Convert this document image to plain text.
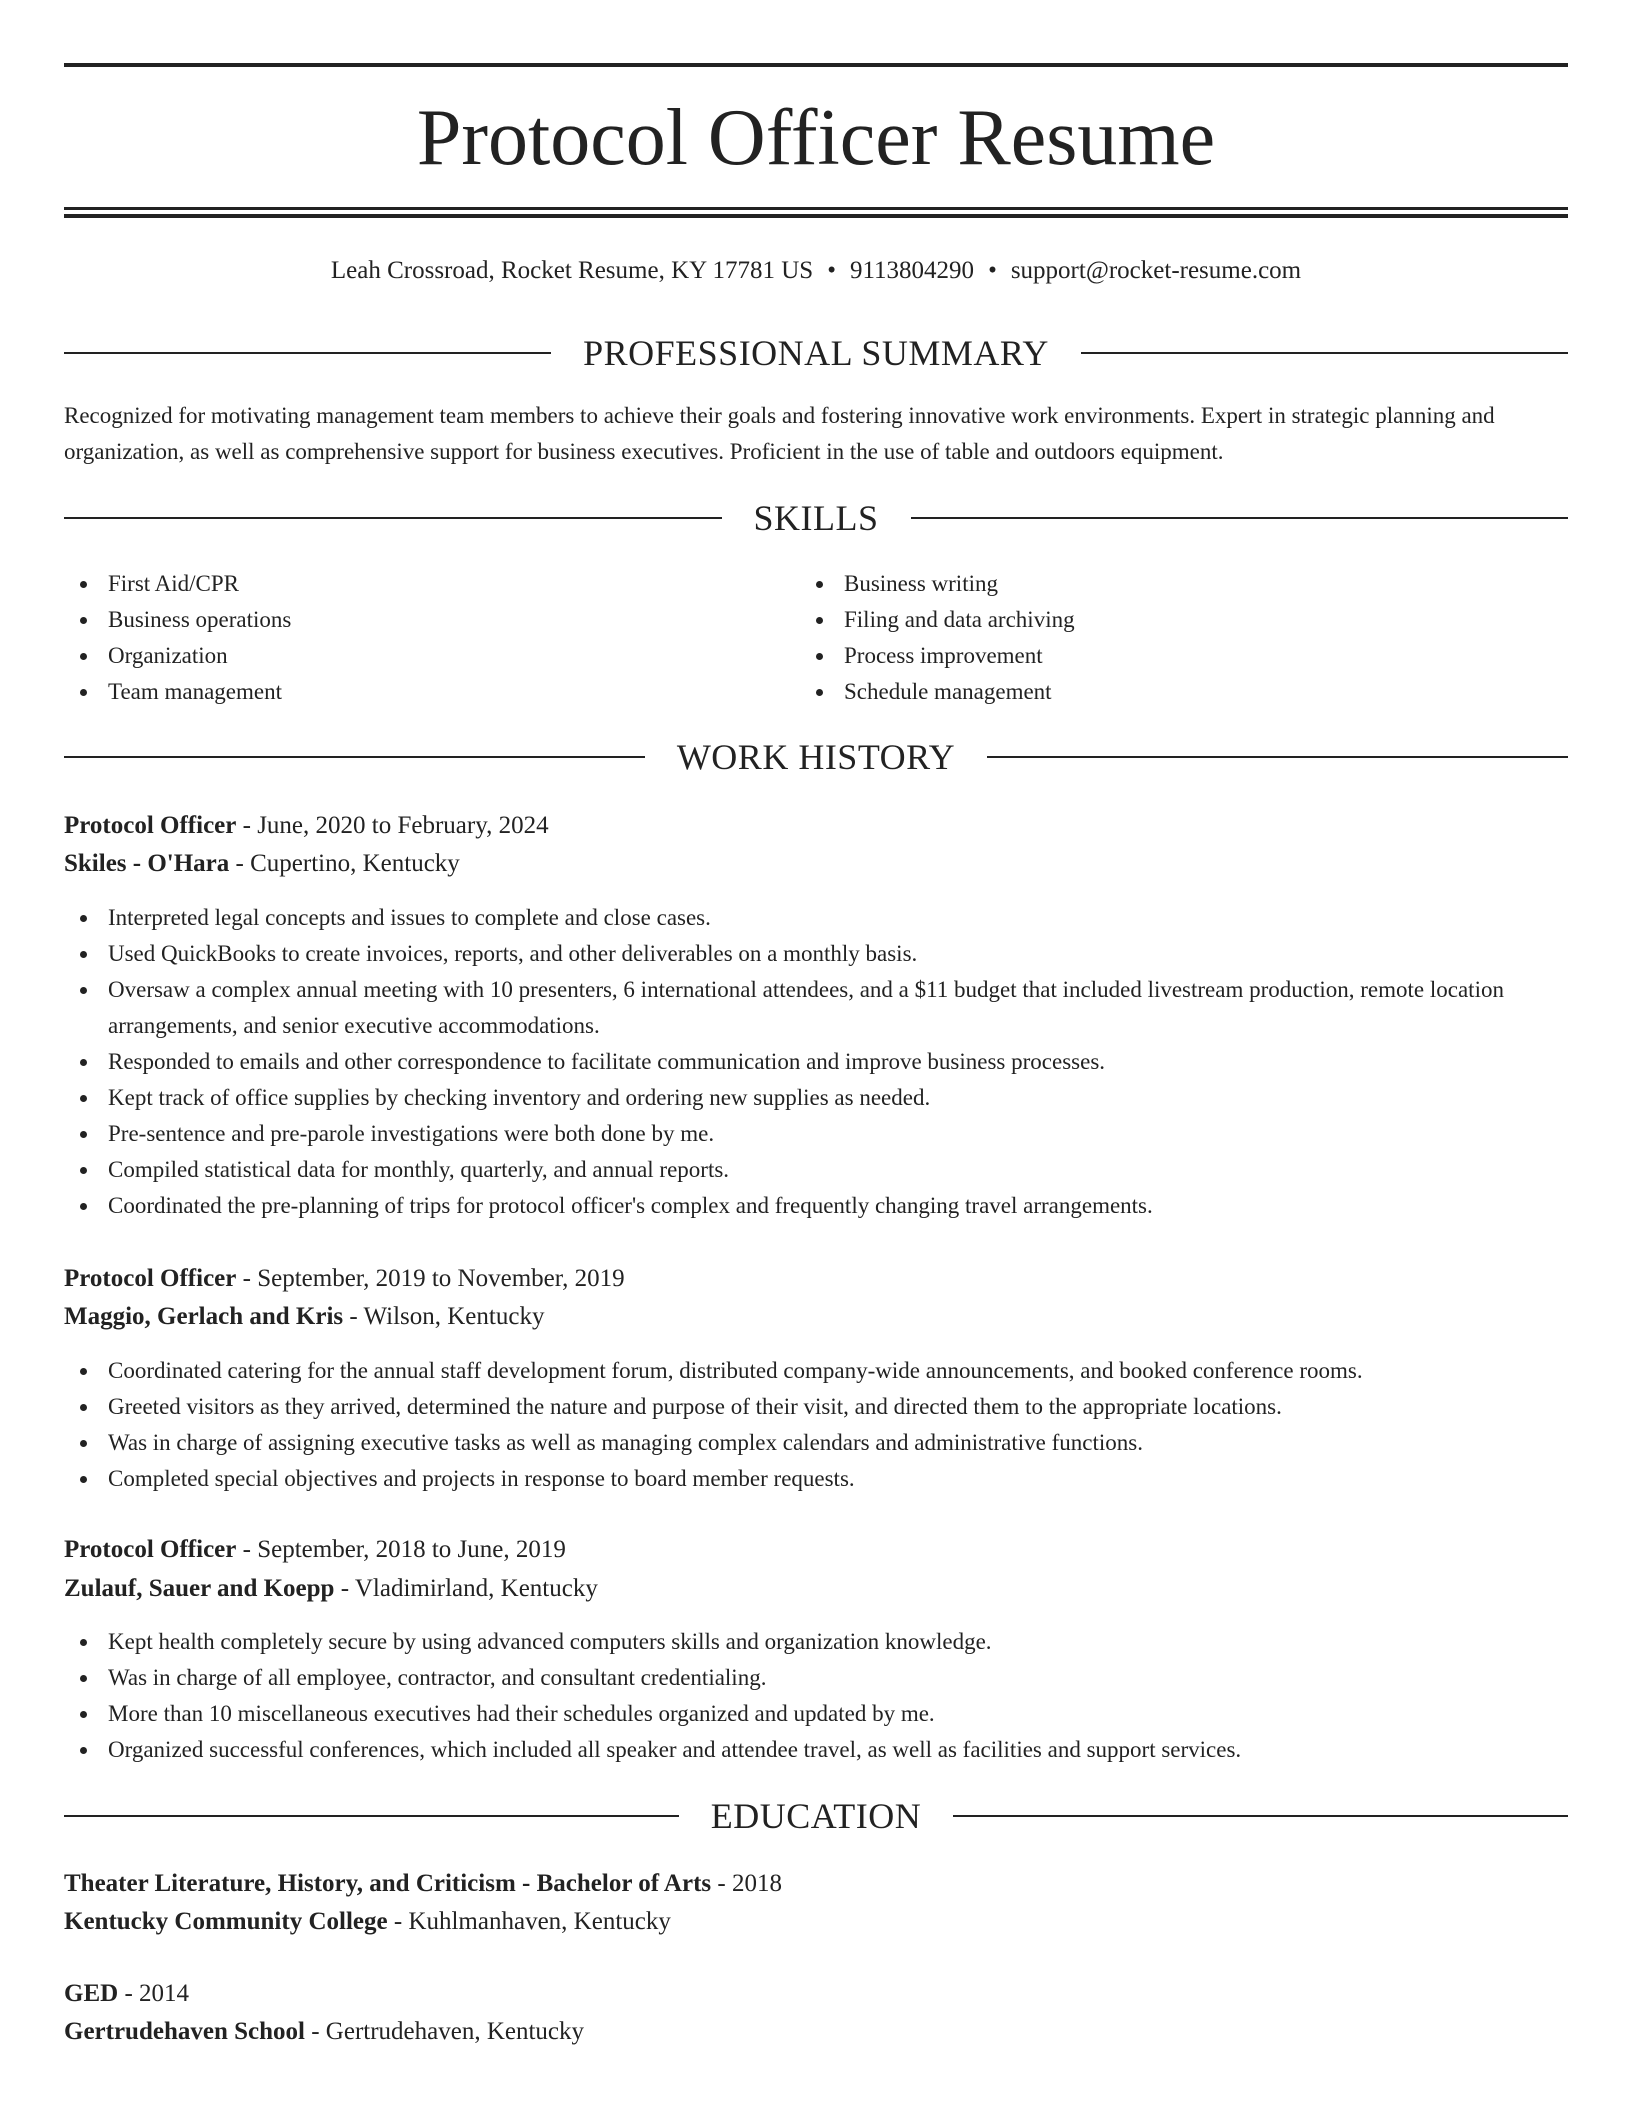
Protocol Officer Resume
Leah Crossroad, Rocket Resume, KY 17781 US • 9113804290 • support@rocket-resume.com
PROFESSIONAL SUMMARY

Recognized for motivating management team members to achieve their goals and fostering innovative work environments. Expert in strategic planning and organization, as well as comprehensive support for business executives. Proficient in the use of table and outdoors equipment.

SKILLS
First Aid/CPR
Business operations
Organization
Team management
Business writing
Filing and data archiving
Process improvement
Schedule management
WORK HISTORY
Protocol Officer - June, 2020 to February, 2024
Skiles - O'Hara - Cupertino, Kentucky
Interpreted legal concepts and issues to complete and close cases.
Used QuickBooks to create invoices, reports, and other deliverables on a monthly basis.
Oversaw a complex annual meeting with 10 presenters, 6 international attendees, and a $11 budget that included livestream production, remote location arrangements, and senior executive accommodations.
Responded to emails and other correspondence to facilitate communication and improve business processes.
Kept track of office supplies by checking inventory and ordering new supplies as needed.
Pre-sentence and pre-parole investigations were both done by me.
Compiled statistical data for monthly, quarterly, and annual reports.
Coordinated the pre-planning of trips for protocol officer's complex and frequently changing travel arrangements.
Protocol Officer - September, 2019 to November, 2019
Maggio, Gerlach and Kris - Wilson, Kentucky
Coordinated catering for the annual staff development forum, distributed company-wide announcements, and booked conference rooms.
Greeted visitors as they arrived, determined the nature and purpose of their visit, and directed them to the appropriate locations.
Was in charge of assigning executive tasks as well as managing complex calendars and administrative functions.
Completed special objectives and projects in response to board member requests.
Protocol Officer - September, 2018 to June, 2019
Zulauf, Sauer and Koepp - Vladimirland, Kentucky
Kept health completely secure by using advanced computers skills and organization knowledge.
Was in charge of all employee, contractor, and consultant credentialing.
More than 10 miscellaneous executives had their schedules organized and updated by me.
Organized successful conferences, which included all speaker and attendee travel, as well as facilities and support services.
EDUCATION
Theater Literature, History, and Criticism - Bachelor of Arts - 2018
Kentucky Community College - Kuhlmanhaven, Kentucky
GED - 2014
Gertrudehaven School - Gertrudehaven, Kentucky
